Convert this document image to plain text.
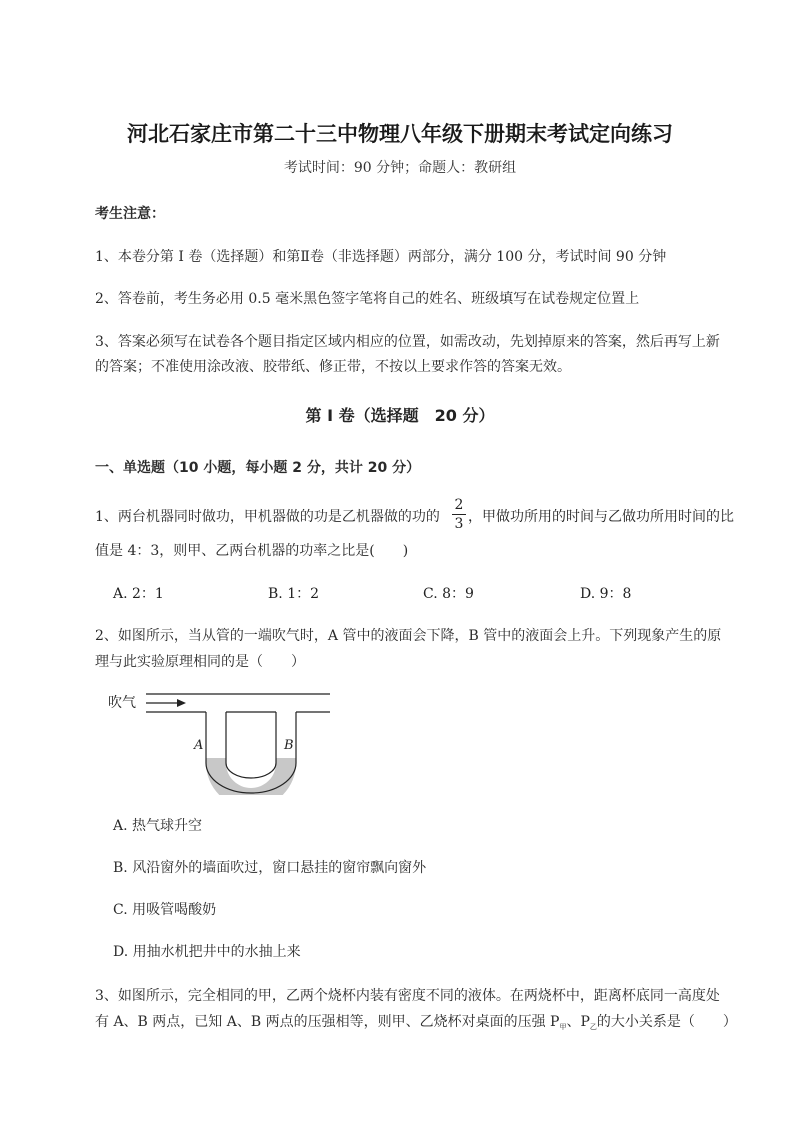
河北石家庄市第二十三中物理八年级下册期末考试定向练习
考试时间：90 分钟；命题人：教研组
考生注意：
1、本卷分第 I 卷（选择题）和第Ⅱ卷（非选择题）两部分，满分 100 分，考试时间 90 分钟
2、答卷前，考生务必用 0.5 毫米黑色签字笔将自己的姓名、班级填写在试卷规定位置上
3、答案必须写在试卷各个题目指定区域内相应的位置，如需改动，先划掉原来的答案，然后再写上新
的答案；不准使用涂改液、胶带纸、修正带，不按以上要求作答的答案无效。
第 I 卷（选择题　20 分）
一、单选题（10 小题，每小题 2 分，共计 20 分）
1、两台机器同时做功，甲机器做的功是乙机器做的功的
2
3 ，甲做功所用的时间与乙做功所用时间的比
值是 4：3，则甲、乙两台机器的功率之比是(　　)
A. 2：1	B. 1：2	C. 8：9	D. 9：8
2、如图所示，当从管的一端吹气时，A 管中的液面会下降，B 管中的液面会上升。下列现象产生的原
理与此实验原理相同的是（　　）
吹气
A	B
A. 热气球升空
B. 风沿窗外的墙面吹过，窗口悬挂的窗帘飘向窗外
C. 用吸管喝酸奶
D. 用抽水机把井中的水抽上来
3、如图所示，完全相同的甲，乙两个烧杯内装有密度不同的液体。在两烧杯中，距离杯底同一高度处
有 A、B 两点，已知 A、B 两点的压强相等，则甲、乙烧杯对桌面的压强 $P_甲$、$P_乙$的大小关系是（　　）
